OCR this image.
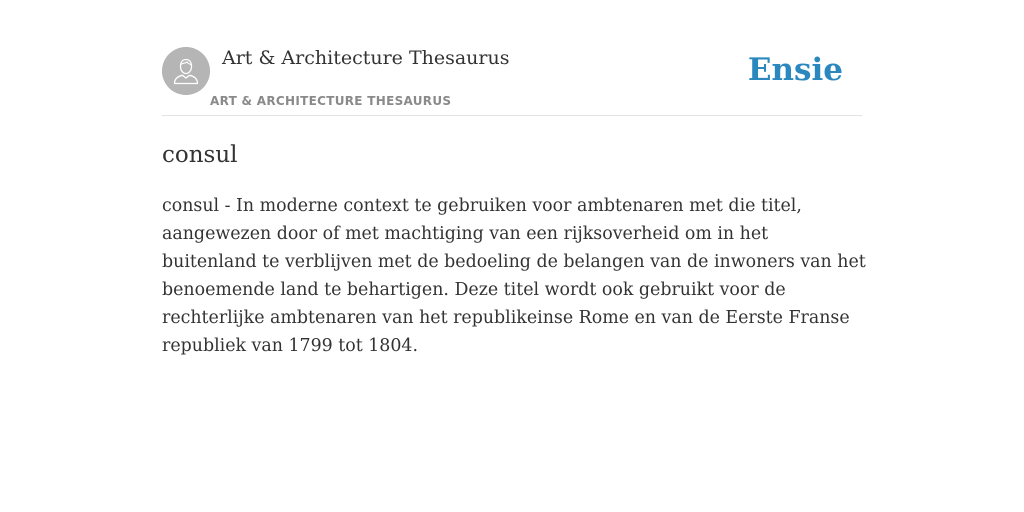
Art & Architecture Thesaurus
ART & ARCHITECTURE THESAURUS
Ensie
consul

consul - In moderne context te gebruiken voor ambtenaren met die titel, aangewezen door of met machtiging van een rijksoverheid om in het buitenland te verblijven met de bedoeling de belangen van de inwoners van het benoemende land te behartigen. Deze titel wordt ook gebruikt voor de rechterlijke ambtenaren van het republikeinse Rome en van de Eerste Franse republiek van 1799 tot 1804.
